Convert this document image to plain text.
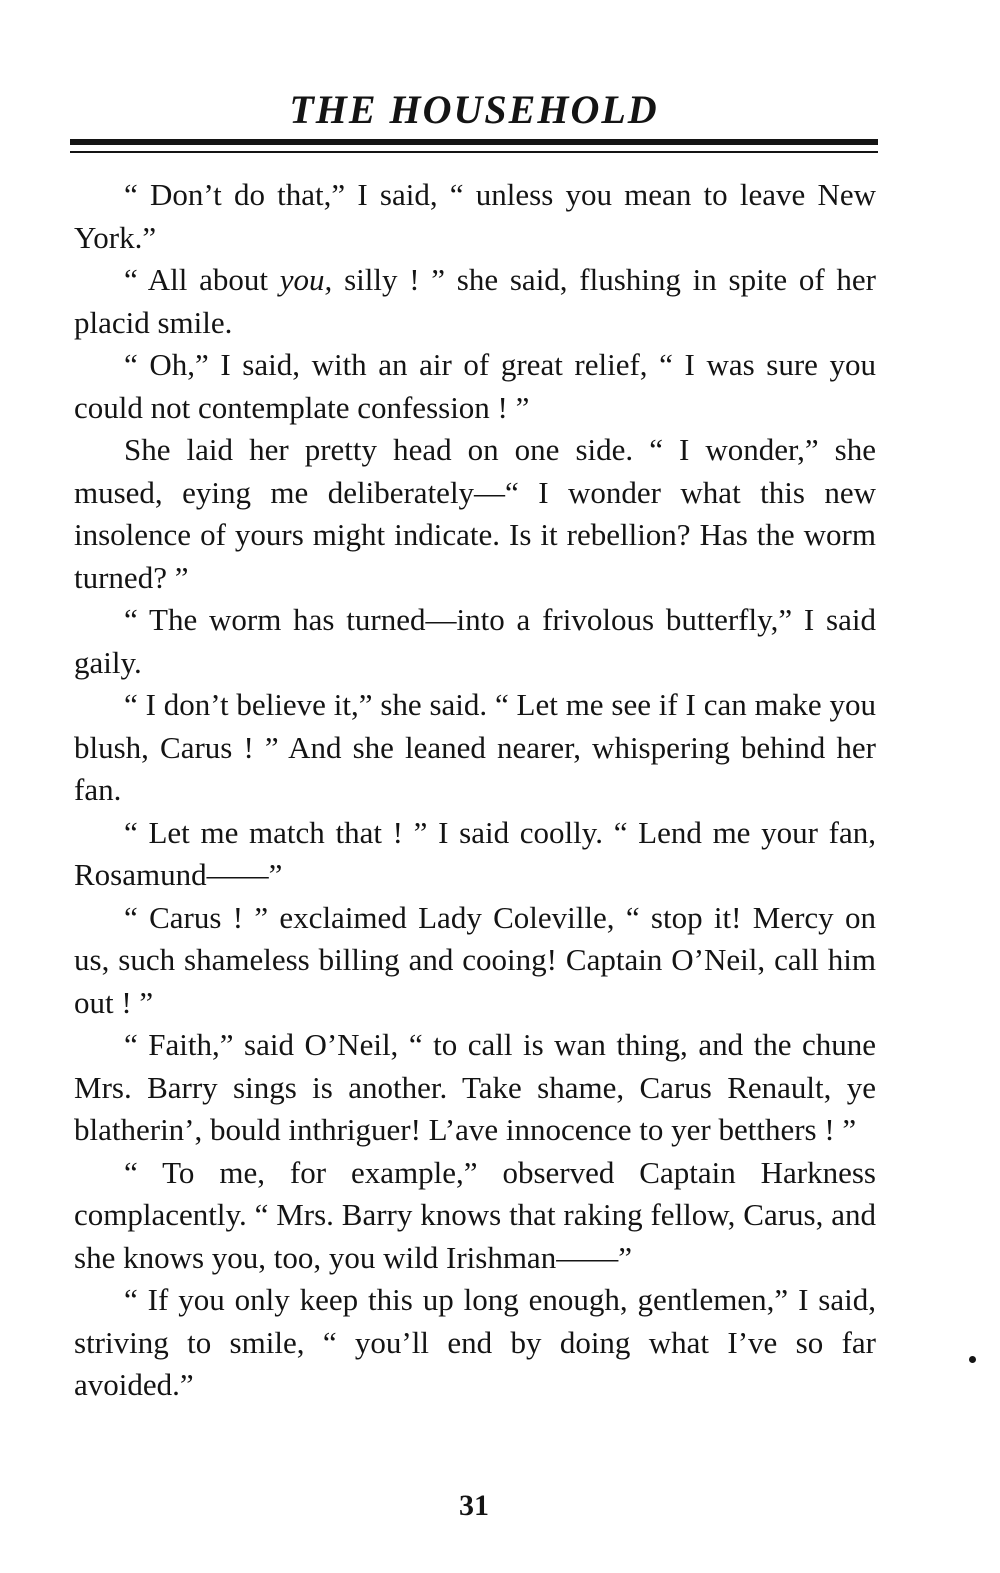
THE HOUSEHOLD

“ Don’t do that,” I said, “ unless you mean to leave New York.”

“ All about you, silly ! ” she said, flushing in spite of her placid smile.

“ Oh,” I said, with an air of great relief, “ I was sure you could not contemplate confession ! ”

She laid her pretty head on one side. “ I wonder,” she mused, eying me deliberately—“ I wonder what this new insolence of yours might indicate. Is it rebellion? Has the worm turned? ”

“ The worm has turned—into a frivolous butterfly,” I said gaily.

“ I don’t believe it,” she said. “ Let me see if I can make you blush, Carus ! ” And she leaned nearer, whispering behind her fan.

“ Let me match that ! ” I said coolly. “ Lend me your fan, Rosamund——”

“ Carus ! ” exclaimed Lady Coleville, “ stop it! Mercy on us, such shameless billing and cooing! Captain O’Neil, call him out ! ”

“ Faith,” said O’Neil, “ to call is wan thing, and the chune Mrs. Barry sings is another. Take shame, Carus Renault, ye blatherin’, bould inthriguer! L’ave innocence to yer betthers ! ”

“ To me, for example,” observed Captain Harkness complacently. “ Mrs. Barry knows that raking fellow, Carus, and she knows you, too, you wild Irishman——”

“ If you only keep this up long enough, gentlemen,” I said, striving to smile, “ you’ll end by doing what I’ve so far avoided.”

31
